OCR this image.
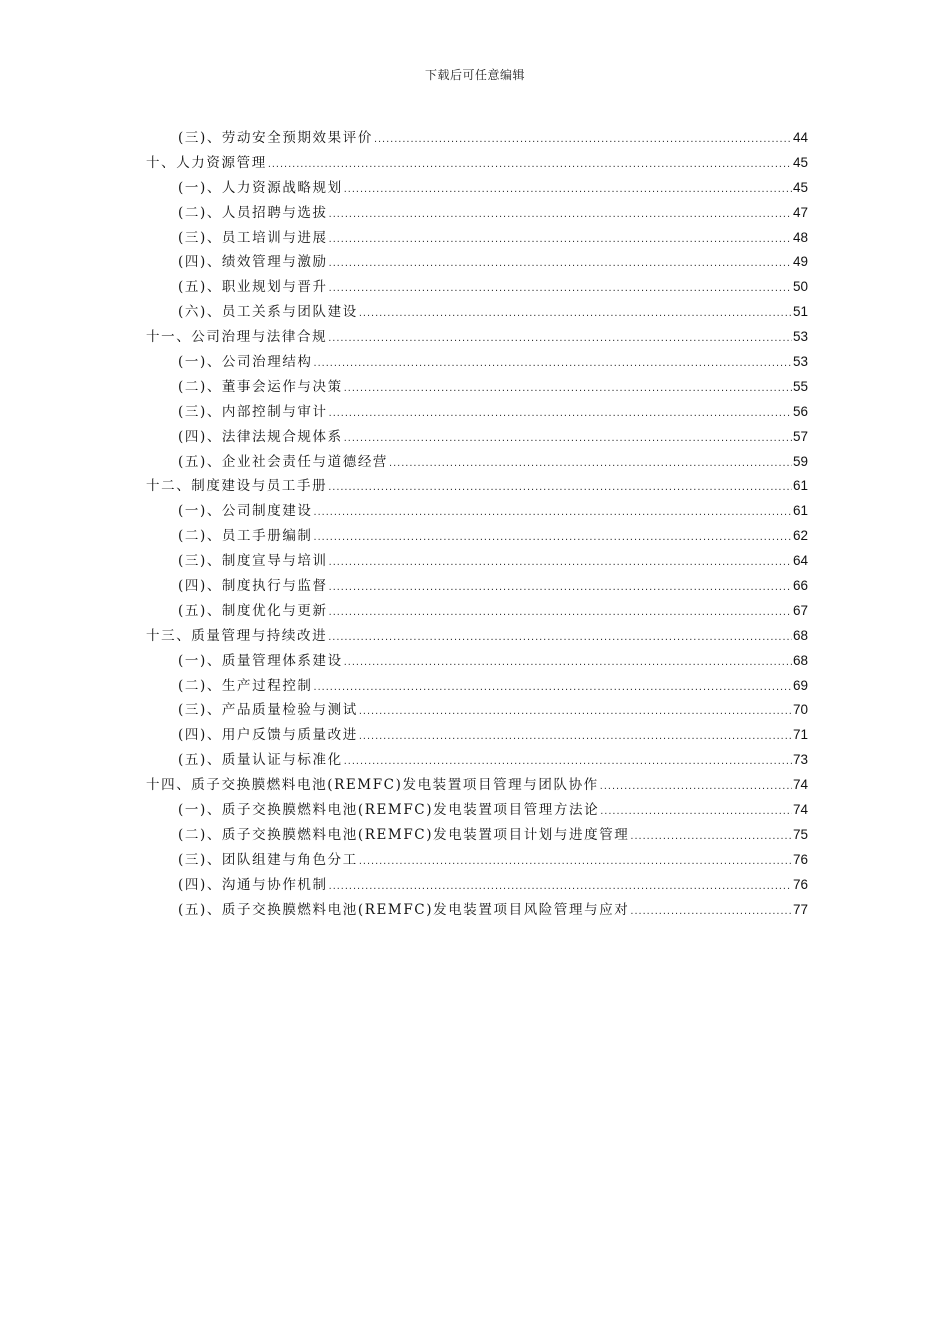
下载后可任意编辑
(三)、劳动安全预期效果评价 .....	44
十、人力资源管理 .....	45
(一)、人力资源战略规划 .....	45
(二)、人员招聘与选拔 .....	47
(三)、员工培训与进展 .....	48
(四)、绩效管理与激励 .....	49
(五)、职业规划与晋升 .....	50
(六)、员工关系与团队建设 .....	51
十一、公司治理与法律合规 .....	53
(一)、公司治理结构 .....	53
(二)、董事会运作与决策 .....	55
(三)、内部控制与审计 .....	56
(四)、法律法规合规体系 .....	57
(五)、企业社会责任与道德经营 .....	59
十二、制度建设与员工手册 .....	61
(一)、公司制度建设 .....	61
(二)、员工手册编制 .....	62
(三)、制度宣导与培训 .....	64
(四)、制度执行与监督 .....	66
(五)、制度优化与更新 .....	67
十三、质量管理与持续改进 .....	68
(一)、质量管理体系建设 .....	68
(二)、生产过程控制 .....	69
(三)、产品质量检验与测试 .....	70
(四)、用户反馈与质量改进 .....	71
(五)、质量认证与标准化 .....	73
十四、质子交换膜燃料电池(REMFC)发电装置项目管理与团队协作 .....	74
(一)、质子交换膜燃料电池(REMFC)发电装置项目管理方法论 .....	74
(二)、质子交换膜燃料电池(REMFC)发电装置项目计划与进度管理 .....	75
(三)、团队组建与角色分工 .....	76
(四)、沟通与协作机制 .....	76
(五)、质子交换膜燃料电池(REMFC)发电装置项目风险管理与应对 .....	77
